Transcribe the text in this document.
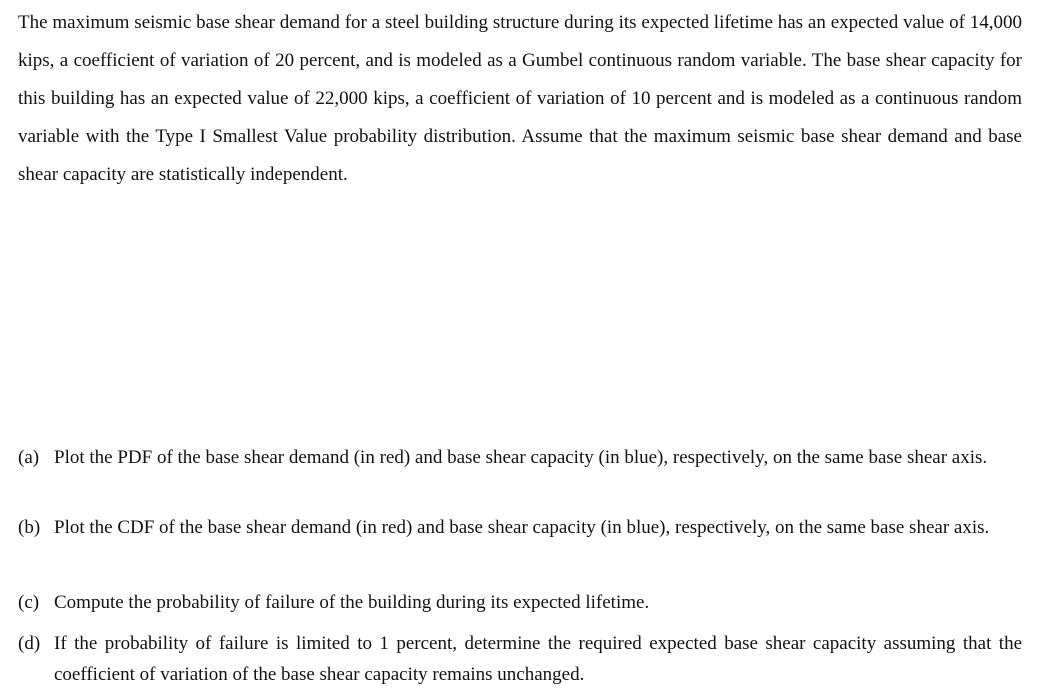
The maximum seismic base shear demand for a steel building structure during its expected lifetime has an expected value of 14,000 kips, a coefficient of variation of 20 percent, and is modeled as a Gumbel continuous random variable. The base shear capacity for this building has an expected value of 22,000 kips, a coefficient of variation of 10 percent and is modeled as a continuous random variable with the Type I Smallest Value probability distribution. Assume that the maximum seismic base shear demand and base shear capacity are statistically independent.

(a) Plot the PDF of the base shear demand (in red) and base shear capacity (in blue), respectively, on the same base shear axis.
(b) Plot the CDF of the base shear demand (in red) and base shear capacity (in blue), respectively, on the same base shear axis.
(c) Compute the probability of failure of the building during its expected lifetime.
(d) If the probability of failure is limited to 1 percent, determine the required expected base shear capacity assuming that the coefficient of variation of the base shear capacity remains unchanged.
